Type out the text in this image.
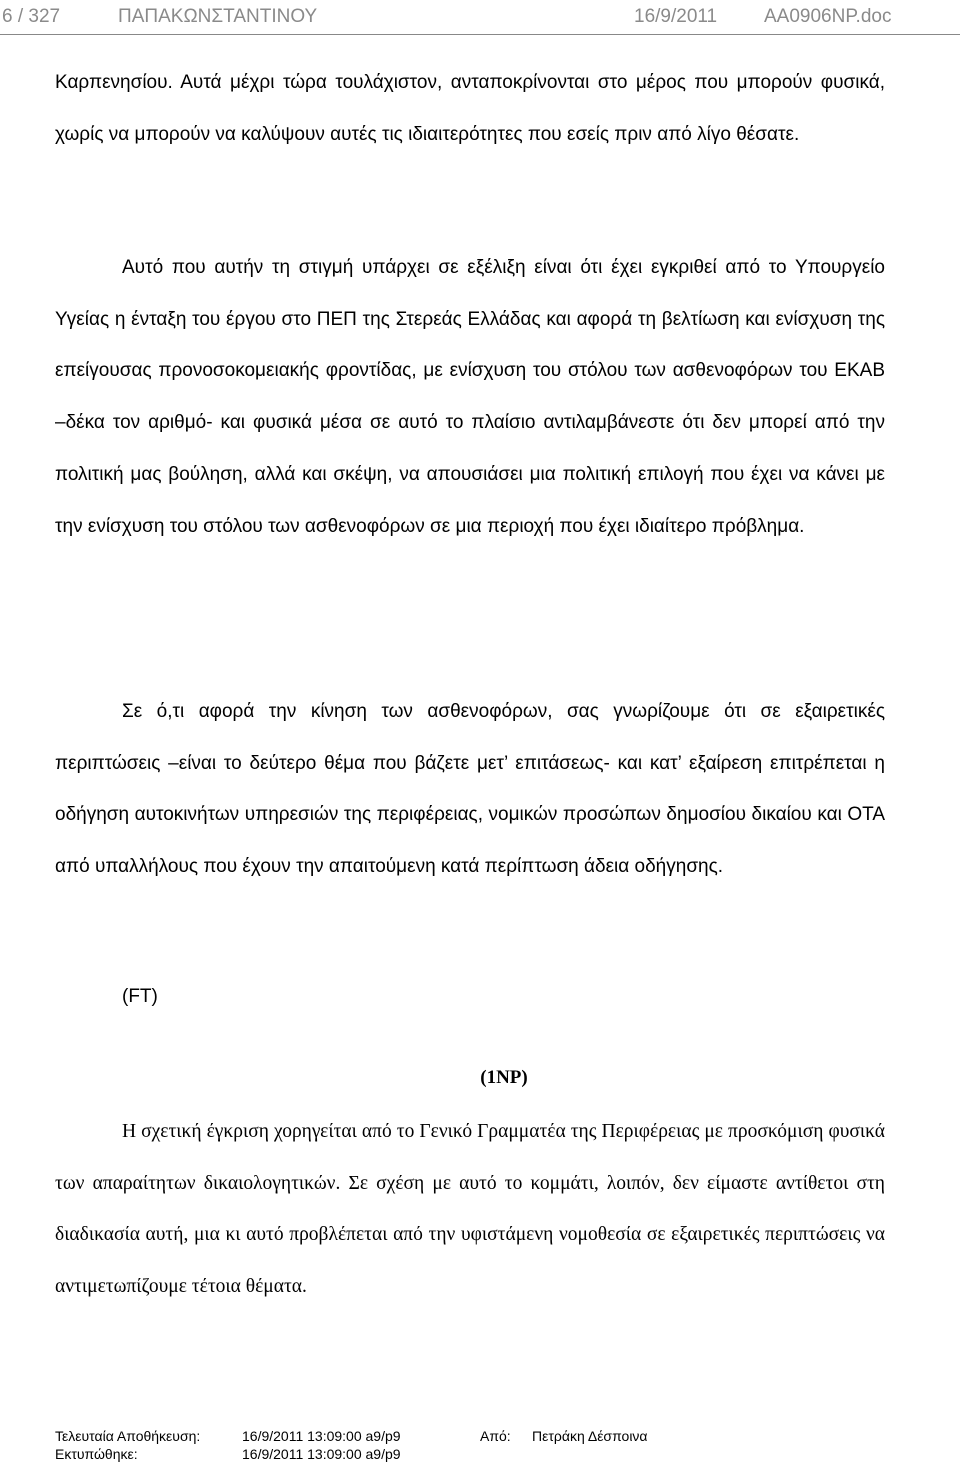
6 / 327	ΠΑΠΑΚΩΝΣΤΑΝΤΙΝΟΥ	16/9/2011 AA0906NP.doc

Καρπενησίου. Αυτά μέχρι τώρα τουλάχιστον, ανταποκρίνονται στο μέρος που μπορούν φυσικά, χωρίς να μπορούν να καλύψουν αυτές τις ιδιαιτερότητες που εσείς πριν από λίγο θέσατε.

Αυτό που αυτήν τη στιγμή υπάρχει σε εξέλιξη είναι ότι έχει εγκριθεί από το Υπουργείο Υγείας η ένταξη του έργου στο ΠΕΠ της Στερεάς Ελλάδας και αφορά τη βελτίωση και ενίσχυση της επείγουσας προνοσοκομειακής φροντίδας, με ενίσχυση του στόλου των ασθενοφόρων του ΕΚΑΒ –δέκα τον αριθμό- και φυσικά μέσα σε αυτό το πλαίσιο αντιλαμβάνεστε ότι δεν μπορεί από την πολιτική μας βούληση, αλλά και σκέψη, να απουσιάσει μια πολιτική επιλογή που έχει να κάνει με την ενίσχυση του στόλου των ασθενοφόρων σε μια περιοχή που έχει ιδιαίτερο πρόβλημα.

Σε ό,τι αφορά την κίνηση των ασθενοφόρων, σας γνωρίζουμε ότι σε εξαιρετικές περιπτώσεις –είναι το δεύτερο θέμα που βάζετε μετ’ επιτάσεως- και κατ’ εξαίρεση επιτρέπεται η οδήγηση αυτοκινήτων υπηρεσιών της περιφέρειας, νομικών προσώπων δημοσίου δικαίου και ΟΤΑ από υπαλλήλους που έχουν την απαιτούμενη κατά περίπτωση άδεια οδήγησης.

(FT)
(1NP)

Η σχετική έγκριση χορηγείται από το Γενικό Γραμματέα της Περιφέρειας με προσκόμιση φυσικά των απαραίτητων δικαιολογητικών. Σε σχέση με αυτό το κομμάτι, λοιπόν, δεν είμαστε αντίθετοι στη διαδικασία αυτή, μια κι αυτό προβλέπεται από την υφιστάμενη νομοθεσία σε εξαιρετικές περιπτώσεις να αντιμετωπίζουμε τέτοια θέματα.

Τελευταία Αποθήκευση:	16/9/2011 13:09:00 a9/p9	Από: Πετράκη Δέσποινα
Εκτυπώθηκε:	16/9/2011 13:09:00 a9/p9
